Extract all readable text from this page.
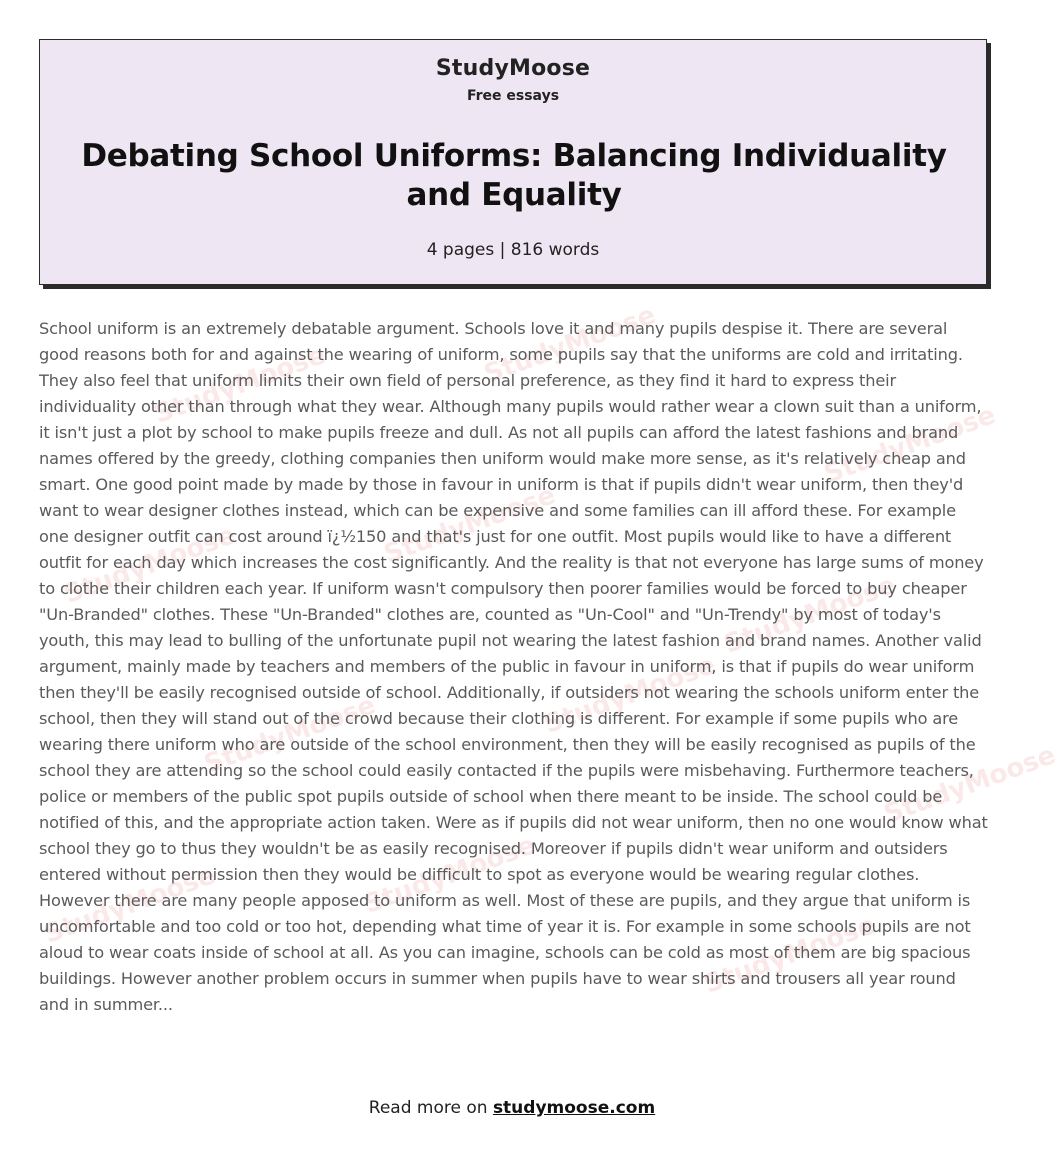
StudyMoose
Free essays
Debating School Uniforms: Balancing Individuality and Equality
4 pages | 816 words
StudyMoose	StudyMoose
StudyMoose
StudyMoose	StudyMoose
StudyMoose
StudyMoose	StudyMoose
StudyMoose
StudyMoose	StudyMoose
StudyMoose

School uniform is an extremely debatable argument. Schools love it and many pupils despise it. There are several good reasons both for and against the wearing of uniform, some pupils say that the uniforms are cold and irritating. They also feel that uniform limits their own field of personal preference, as they find it hard to express their individuality other than through what they wear. Although many pupils would rather wear a clown suit than a uniform, it isn't just a plot by school to make pupils freeze and dull. As not all pupils can afford the latest fashions and brand names offered by the greedy, clothing companies then uniform would make more sense, as it's relatively cheap and smart. One good point made by made by those in favour in uniform is that if pupils didn't wear uniform, then they'd want to wear designer clothes instead, which can be expensive and some families can ill afford these. For example one designer outfit can cost around ï¿½150 and that's just for one outfit. Most pupils would like to have a different outfit for each day which increases the cost significantly. And the reality is that not everyone has large sums of money to clothe their children each year. If uniform wasn't compulsory then poorer families would be forced to buy cheaper "Un-Branded" clothes. These "Un-Branded" clothes are, counted as "Un-Cool" and "Un-Trendy" by most of today's youth, this may lead to bulling of the unfortunate pupil not wearing the latest fashion and brand names. Another valid argument, mainly made by teachers and members of the public in favour in uniform, is that if pupils do wear uniform then they'll be easily recognised outside of school. Additionally, if outsiders not wearing the schools uniform enter the school, then they will stand out of the crowd because their clothing is different. For example if some pupils who are wearing there uniform who are outside of the school environment, then they will be easily recognised as pupils of the school they are attending so the school could easily contacted if the pupils were misbehaving. Furthermore teachers, police or members of the public spot pupils outside of school when there meant to be inside. The school could be notified of this, and the appropriate action taken. Were as if pupils did not wear uniform, then no one would know what school they go to thus they wouldn't be as easily recognised. Moreover if pupils didn't wear uniform and outsiders entered without permission then they would be difficult to spot as everyone would be wearing regular clothes. However there are many people apposed to uniform as well. Most of these are pupils, and they argue that uniform is uncomfortable and too cold or too hot, depending what time of year it is. For example in some schools pupils are not aloud to wear coats inside of school at all. As you can imagine, schools can be cold as most of them are big spacious buildings. However another problem occurs in summer when pupils have to wear shirts and trousers all year round and in summer...

Read more on studymoose.com
